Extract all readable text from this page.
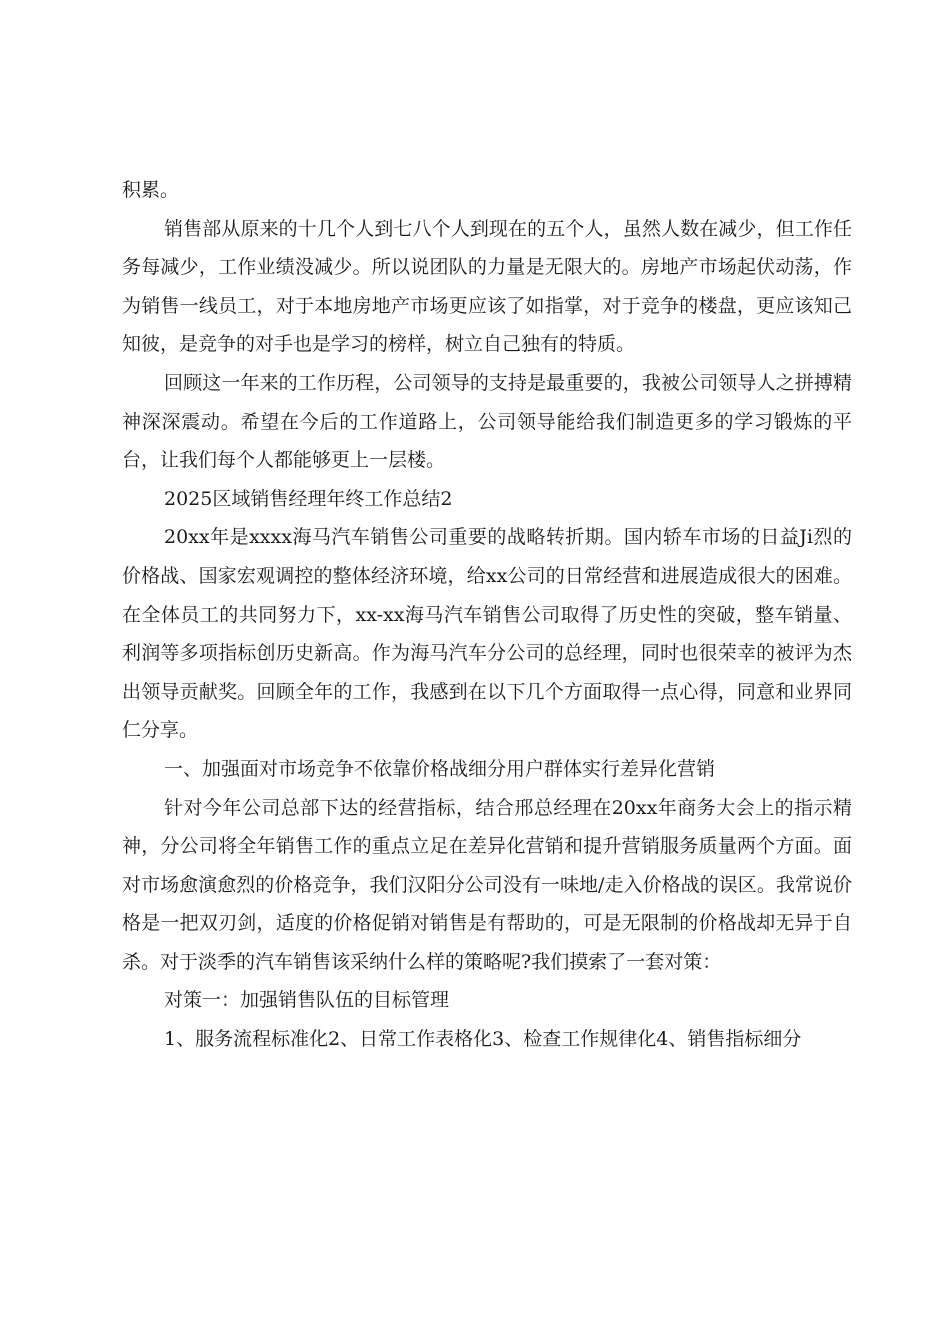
积累。

销售部从原来的十几个人到七八个人到现在的五个人，虽然人数在减少，但工作任务每减少，工作业绩没减少。所以说团队的力量是无限大的。房地产市场起伏动荡，作为销售一线员工，对于本地房地产市场更应该了如指掌，对于竞争的楼盘，更应该知己知彼，是竞争的对手也是学习的榜样，树立自己独有的特质。

回顾这一年来的工作历程，公司领导的支持是最重要的，我被公司领导人之拼搏精神深深震动。希望在今后的工作道路上，公司领导能给我们制造更多的学习锻炼的平台，让我们每个人都能够更上一层楼。

2025区域销售经理年终工作总结2

20xx年是xxxx海马汽车销售公司重要的战略转折期。国内轿车市场的日益Ji烈的价格战、国家宏观调控的整体经济环境，给xx公司的日常经营和进展造成很大的困难。在全体员工的共同努力下，xx-xx海马汽车销售公司取得了历史性的突破，整车销量、利润等多项指标创历史新高。作为海马汽车分公司的总经理，同时也很荣幸的被评为杰出领导贡献奖。回顾全年的工作，我感到在以下几个方面取得一点心得，同意和业界同仁分享。

一、加强面对市场竞争不依靠价格战细分用户群体实行差异化营销

针对今年公司总部下达的经营指标，结合邢总经理在20xx年商务大会上的指示精神，分公司将全年销售工作的重点立足在差异化营销和提升营销服务质量两个方面。面对市场愈演愈烈的价格竞争，我们汉阳分公司没有一味地/走入价格战的误区。我常说价格是一把双刃剑，适度的价格促销对销售是有帮助的，可是无限制的价格战却无异于自杀。对于淡季的汽车销售该采纳什么样的策略呢?我们摸索了一套对策：

对策一：加强销售队伍的目标管理

1、服务流程标准化2、日常工作表格化3、检查工作规律化4、销售指标细分
